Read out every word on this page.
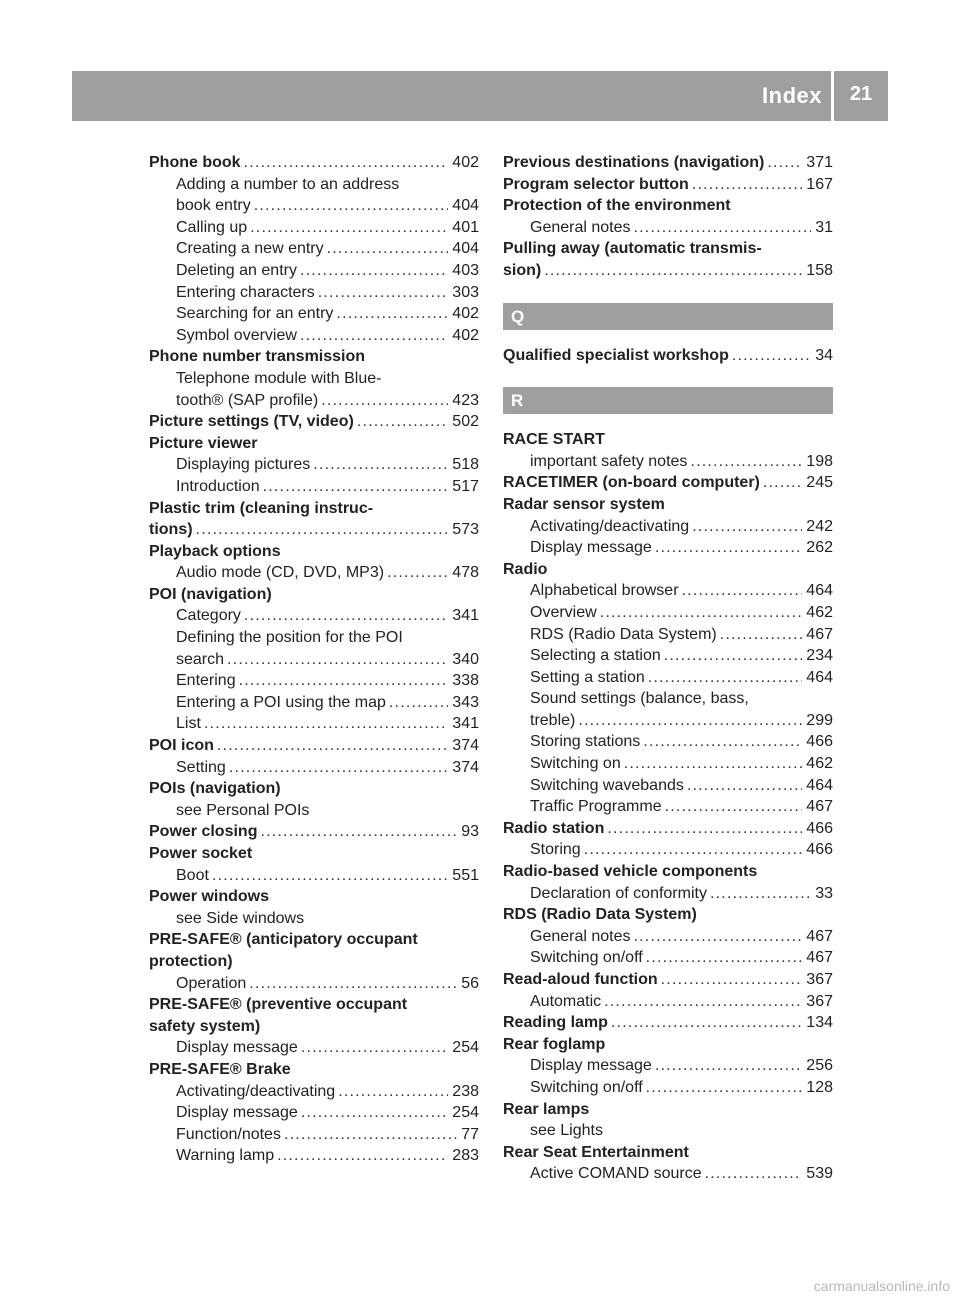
Index	21
Phone book .....	402
Adding a number to an address
book entry .....	404
Calling up .....	401
Creating a new entry .....	404
Deleting an entry .....	403
Entering characters .....	303
Searching for an entry .....	402
Symbol overview .....	402
Phone number transmission
Telephone module with Blue-
tooth® (SAP profile) .....	423
Picture settings (TV, video) .....	502
Picture viewer
Displaying pictures .....	518
Introduction .....	517
Plastic trim (cleaning instruc-
tions) .....	573
Playback options
Audio mode (CD, DVD, MP3) .....	478
POI (navigation)
Category .....	341
Defining the position for the POI
search .....	340
Entering .....	338
Entering a POI using the map .....	343
List .....	341
POI icon .....	374
Setting .....	374
POIs (navigation)
see Personal POIs
Power closing .....	93
Power socket
Boot .....	551
Power windows
see Side windows
PRE-SAFE® (anticipatory occupant
protection)
Operation .....	56
PRE-SAFE® (preventive occupant
safety system)
Display message .....	254
PRE-SAFE® Brake
Activating/deactivating .....	238
Display message .....	254
Function/notes .....	77
Warning lamp .....	283
Previous destinations (navigation) .....	371
Program selector button .....	167
Protection of the environment
General notes .....	31
Pulling away (automatic transmis-
sion) .....	158
Q
Qualified specialist workshop .....	34
R
RACE START
important safety notes .....	198
RACETIMER (on-board computer) .....	245
Radar sensor system
Activating/deactivating .....	242
Display message .....	262
Radio
Alphabetical browser .....	464
Overview .....	462
RDS (Radio Data System) .....	467
Selecting a station .....	234
Setting a station .....	464
Sound settings (balance, bass,
treble) .....	299
Storing stations .....	466
Switching on .....	462
Switching wavebands .....	464
Traffic Programme .....	467
Radio station .....	466
Storing .....	466
Radio-based vehicle components
Declaration of conformity .....	33
RDS (Radio Data System)
General notes .....	467
Switching on/off .....	467
Read-aloud function .....	367
Automatic .....	367
Reading lamp .....	134
Rear foglamp
Display message .....	256
Switching on/off .....	128
Rear lamps
see Lights
Rear Seat Entertainment
Active COMAND source .....	539
carmanualsonline.info
